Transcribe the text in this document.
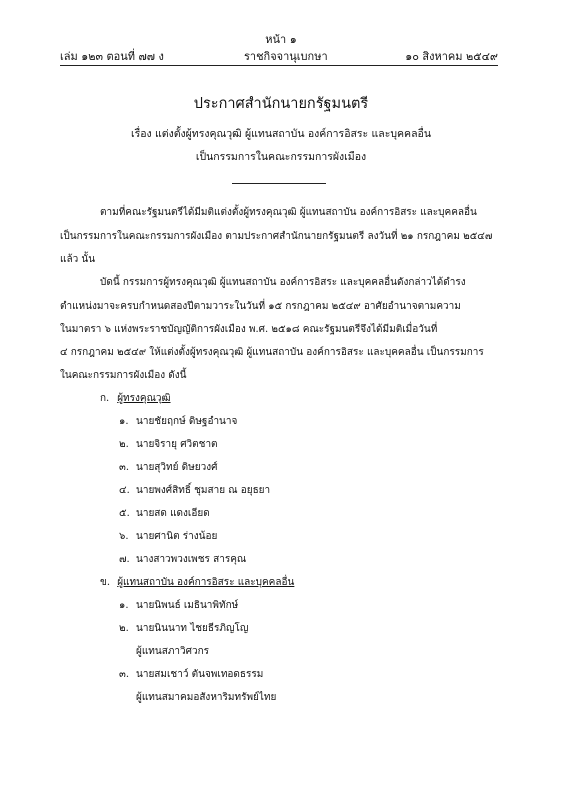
หน้า ๑
เล่ม ๑๒๓ ตอนที่ ๗๗ ง	ราชกิจจานุเบกษา	๑๐ สิงหาคม ๒๕๔๙
ประกาศสำนักนายกรัฐมนตรี
เรื่อง แต่งตั้งผู้ทรงคุณวุฒิ ผู้แทนสถาบัน องค์การอิสระ และบุคคลอื่น
เป็นกรรมการในคณะกรรมการผังเมือง
ตามที่คณะรัฐมนตรีได้มีมติแต่งตั้งผู้ทรงคุณวุฒิ ผู้แทนสถาบัน องค์การอิสระ และบุคคลอื่น
เป็นกรรมการในคณะกรรมการผังเมือง ตามประกาศสำนักนายกรัฐมนตรี ลงวันที่ ๒๑ กรกฎาคม ๒๕๔๗
แล้ว นั้น
บัดนี้ กรรมการผู้ทรงคุณวุฒิ ผู้แทนสถาบัน องค์การอิสระ และบุคคลอื่นดังกล่าวได้ดำรง
ตำแหน่งมาจะครบกำหนดสองปีตามวาระในวันที่ ๑๕ กรกฎาคม ๒๕๔๙ อาศัยอำนาจตามความ
ในมาตรา ๖ แห่งพระราชบัญญัติการผังเมือง พ.ศ. ๒๕๑๘ คณะรัฐมนตรีจึงได้มีมติเมื่อวันที่
๔ กรกฎาคม ๒๕๔๙ ให้แต่งตั้งผู้ทรงคุณวุฒิ ผู้แทนสถาบัน องค์การอิสระ และบุคคลอื่น เป็นกรรมการ
ในคณะกรรมการผังเมือง ดังนี้
ก. ผู้ทรงคุณวุฒิ
๑. นายชัยฤกษ์ ดิษฐอำนาจ
๒. นายจิรายุ ศวิตชาต
๓. นายสุวิทย์ ดิษยวงศ์
๔. นายพงศ์สิทธิ์ ชุมสาย ณ อยุธยา
๕. นายสด แดงเอียด
๖. นายศานิต ร่างน้อย
๗. นางสาวพวงเพชร สารคุณ
ข. ผู้แทนสถาบัน องค์การอิสระ และบุคคลอื่น
๑. นายนิพนธ์ เมธินาพิทักษ์
๒. นายนินนาท ไชยธีรภิญโญ
ผู้แทนสภาวิศวกร
๓. นายสมเชาว์ ตันจพเทอดธรรม
ผู้แทนสมาคมอสังหาริมทรัพย์ไทย
